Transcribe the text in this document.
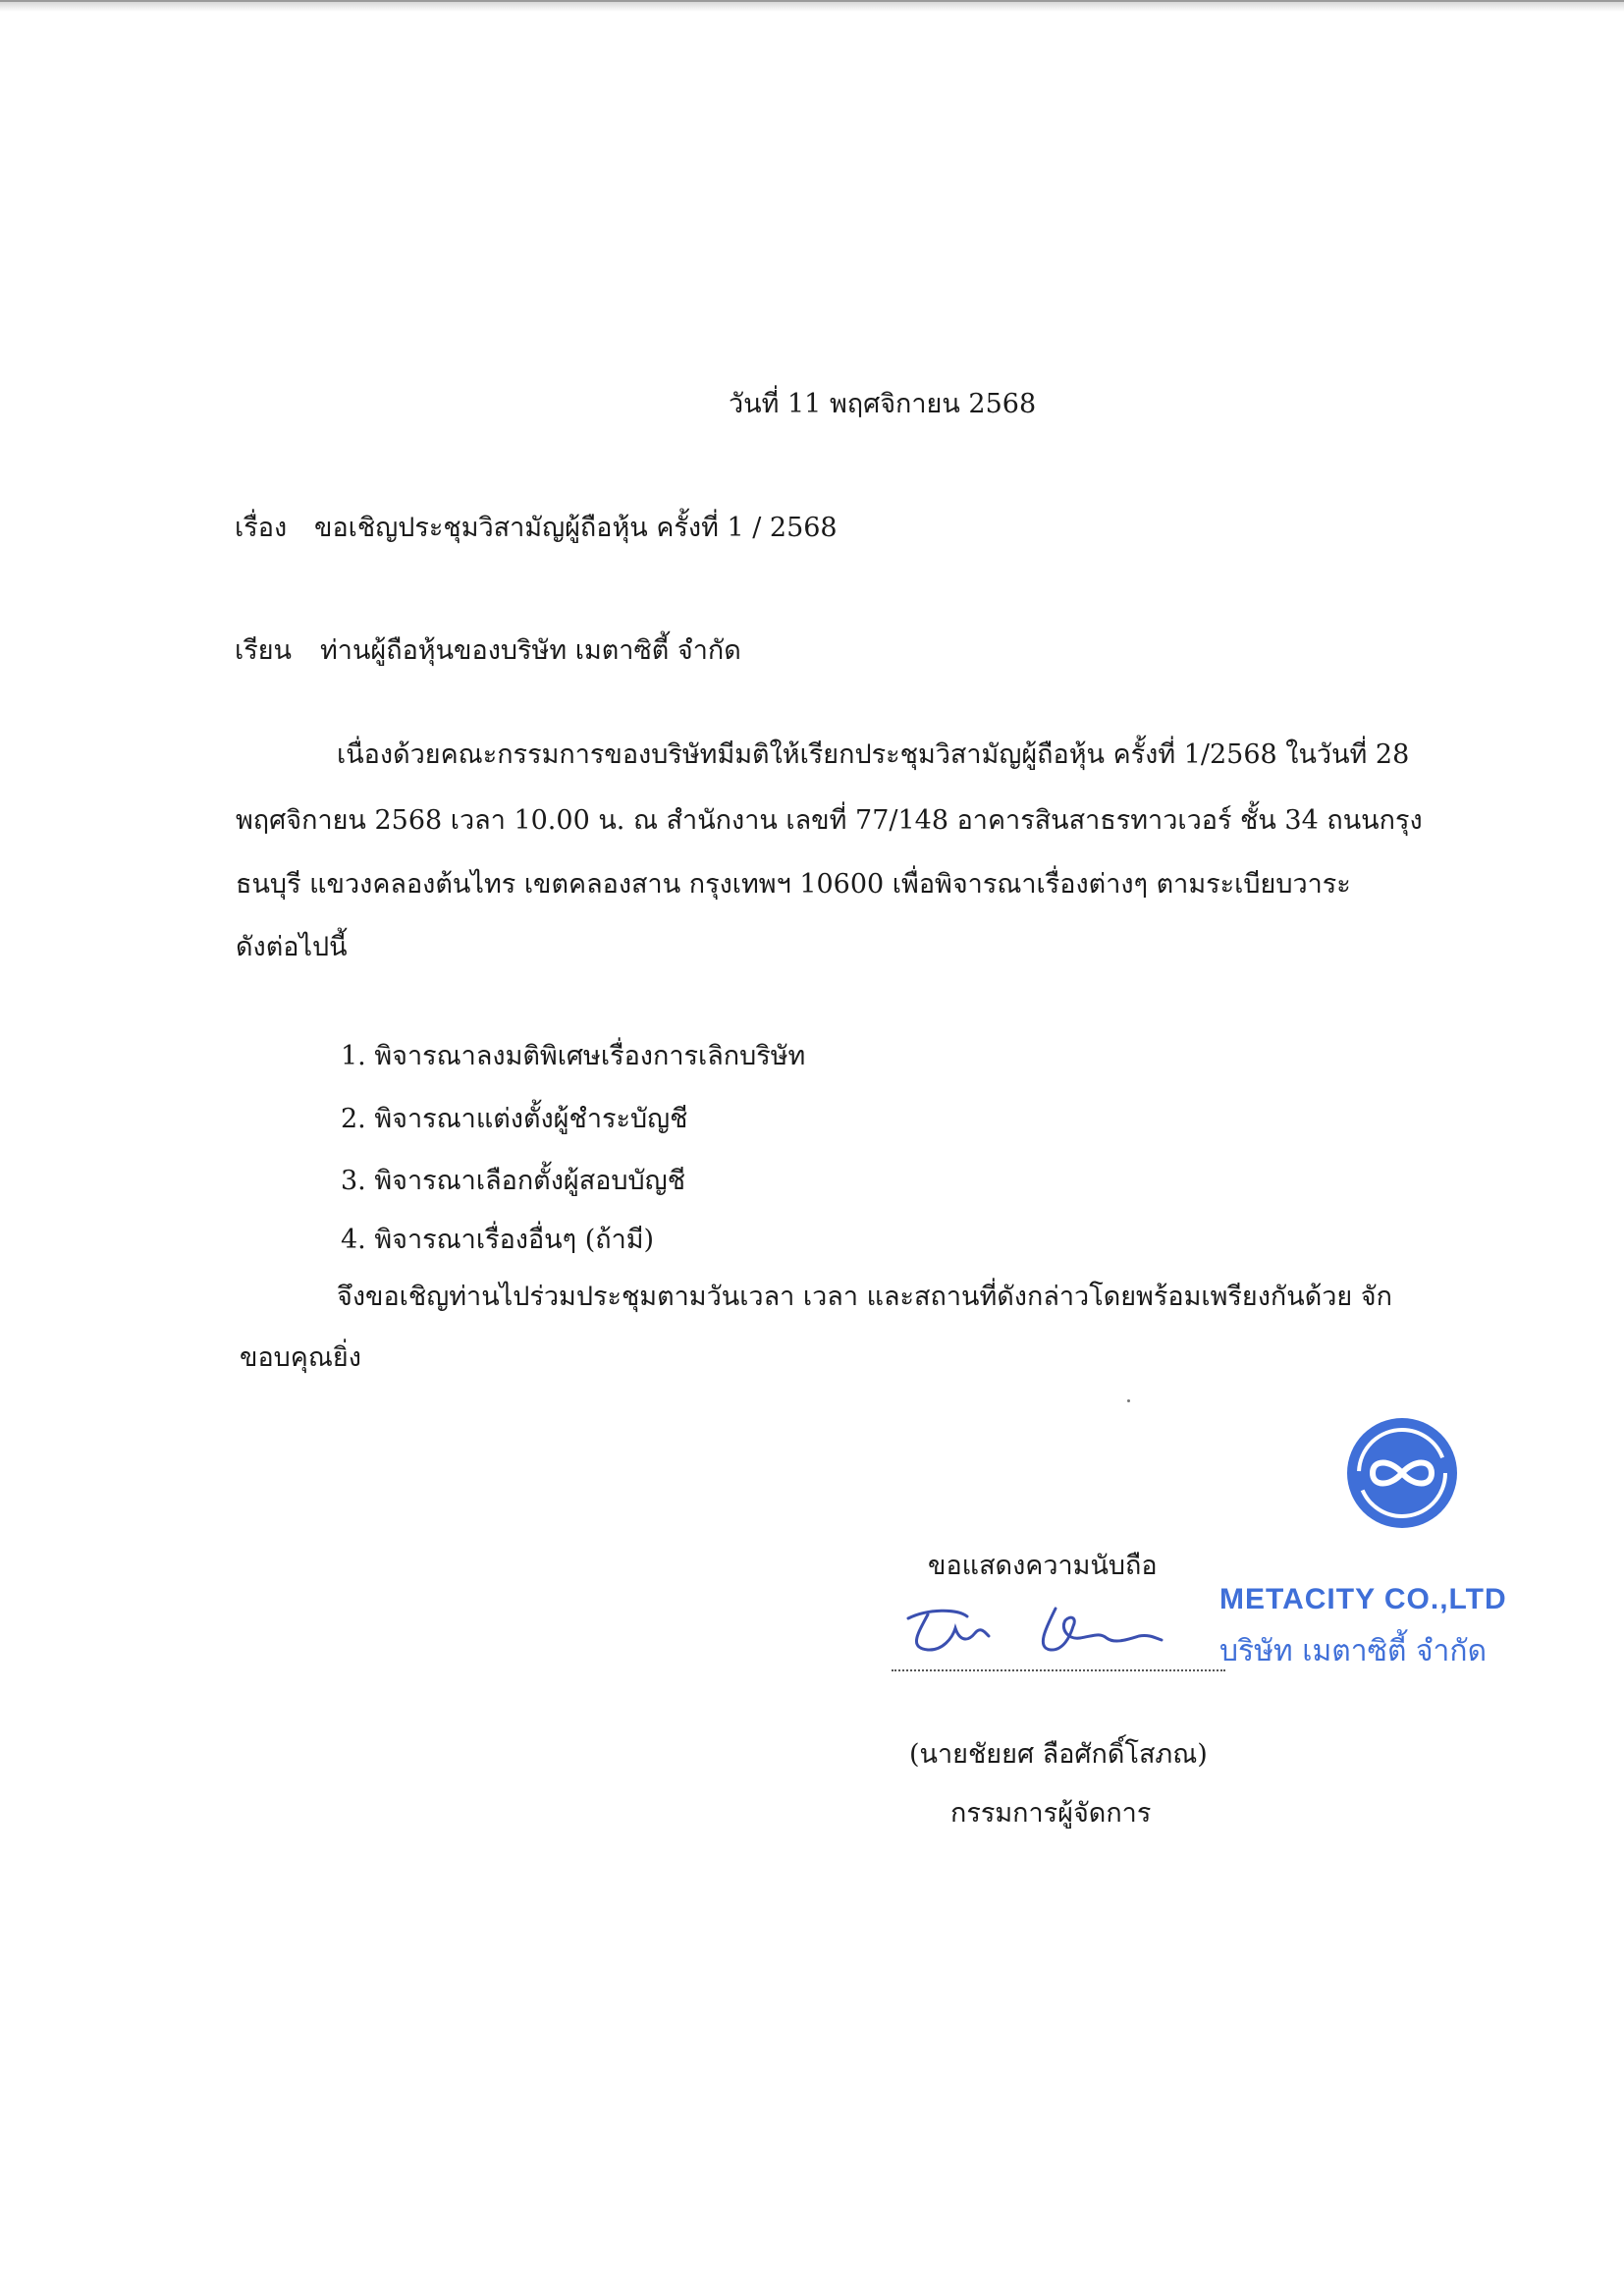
วันที่ 11 พฤศจิกายน 2568
เรื่อง ขอเชิญประชุมวิสามัญผู้ถือหุ้น ครั้งที่ 1 / 2568
เรียน ท่านผู้ถือหุ้นของบริษัท เมตาซิตี้ จำกัด
เนื่องด้วยคณะกรรมการของบริษัทมีมติให้เรียกประชุมวิสามัญผู้ถือหุ้น ครั้งที่ 1/2568 ในวันที่ 28
พฤศจิกายน 2568 เวลา 10.00 น. ณ สำนักงาน เลขที่ 77/148 อาคารสินสาธรทาวเวอร์ ชั้น 34 ถนนกรุง
ธนบุรี แขวงคลองต้นไทร เขตคลองสาน กรุงเทพฯ 10600 เพื่อพิจารณาเรื่องต่างๆ ตามระเบียบวาระ
ดังต่อไปนี้
1. พิจารณาลงมติพิเศษเรื่องการเลิกบริษัท
2. พิจารณาแต่งตั้งผู้ชำระบัญชี
3. พิจารณาเลือกตั้งผู้สอบบัญชี
4. พิจารณาเรื่องอื่นๆ (ถ้ามี)
จึงขอเชิญท่านไปร่วมประชุมตามวันเวลา เวลา และสถานที่ดังกล่าวโดยพร้อมเพรียงกันด้วย จัก
ขอบคุณยิ่ง
ขอแสดงความนับถือ
METACITY CO.,LTD
บริษัท เมตาซิตี้ จำกัด
(นายชัยยศ ลือศักดิ์โสภณ)
กรรมการผู้จัดการ
